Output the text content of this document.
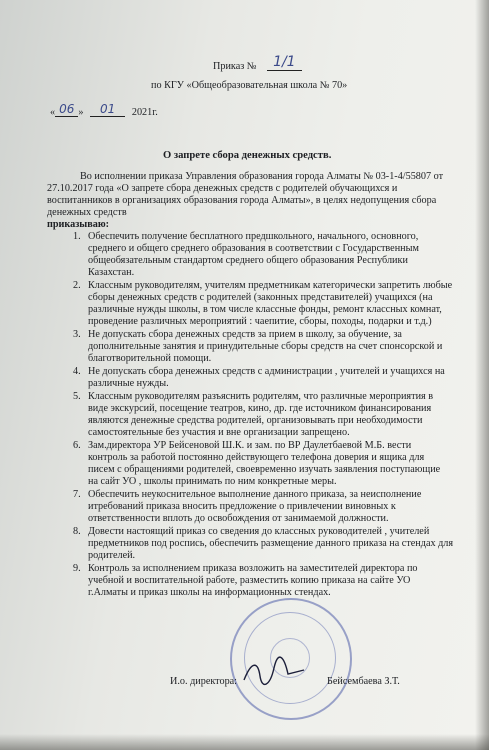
Приказ № 1/1
по КГУ «Общеобразовательная школа № 70»
« 06 » 01 2021г.
О запрете сбора денежных средств.
Во исполнении приказа Управления образования города Алматы № 03-1-4/55807 от
27.10.2017 года «О запрете сбора денежных средств с родителей обучающихся и
воспитанников в организациях образования города Алматы», в целях недопущения сбора
денежных средств
приказываю:
1. Обеспечить получение бесплатного предшкольного, начального, основного,
среднего и общего среднего образования в соответствии с Государственным
общеобязательным стандартом среднего общего образования Республики
Казахстан.
2. Классным руководителям, учителям предметникам категорически запретить любые
сборы денежных средств с родителей (законных представителей) учащихся (на
различные нужды школы, в том числе классные фонды, ремонт классных комнат,
проведение различных мероприятий : чаепитие, сборы, походы, подарки и т.д.)
3. Не допускать сбора денежных средств за прием в школу, за обучение, за
дополнительные занятия и принудительные сборы средств на счет спонсорской и
благотворительной помощи.
4. Не допускать сбора денежных средств с администрации , учителей и учащихся на
различные нужды.
5. Классным руководителям разъяснить родителям, что различные мероприятия в
виде экскурсий, посещение театров, кино, др. где источником финансирования
являются денежные средства родителей, организовывать при необходимости
самостоятельные без участия и вне организации запрещено.
6. Зам.директора УР Бейсеновой Ш.К. и зам. по ВР Даулетбаевой М.Б. вести
контроль за работой постоянно действующего телефона доверия и ящика для
писем с обращениями родителей, своевременно изучать заявления поступающие
на сайт УО , школы принимать по ним конкретные меры.
7. Обеспечить неукоснительное выполнение данного приказа, за неисполнение
итребований приказа вносить предложение о привлечении виновных к
ответственности вплоть до освобождения от занимаемой должности.
8. Довести настоящий приказ со сведения до классных руководителей , учителей
предметников под роспись, обеспечить размещение данного приказа на стендах для
родителей.
9. Контроль за исполнением приказа возложить на заместителей директора по
учебной и воспитательной работе, разместить копию приказа на сайте УО
г.Алматы и приказ школы на информационных стендах.
И.о. директора:	Бейсембаева З.Т.
